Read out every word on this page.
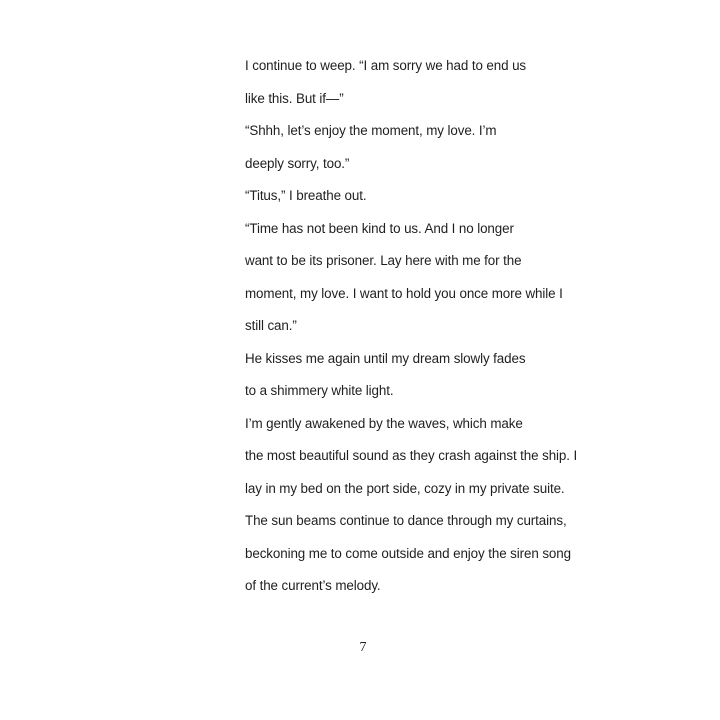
I continue to weep. “I am sorry we had to end us
like this. But if—”

“Shhh, let’s enjoy the moment, my love. I’m
deeply sorry, too.”

“Titus,” I breathe out.

“Time has not been kind to us. And I no longer
want to be its prisoner. Lay here with me for the
moment, my love. I want to hold you once more while I
still can.”

He kisses me again until my dream slowly fades
to a shimmery white light.

I’m gently awakened by the waves, which make
the most beautiful sound as they crash against the ship. I
lay in my bed on the port side, cozy in my private suite.
The sun beams continue to dance through my curtains,
beckoning me to come outside and enjoy the siren song
of the current’s melody.

7
